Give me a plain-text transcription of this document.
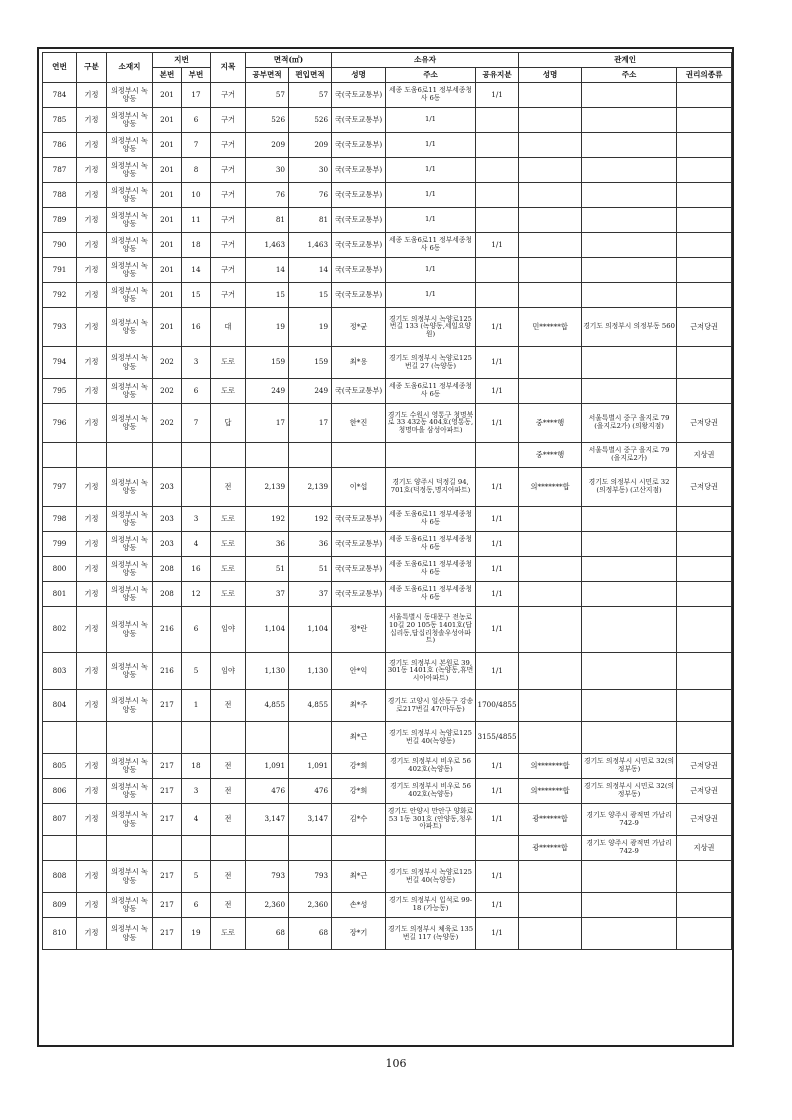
연번	구분	소재지	지번		지목	면적(㎡)		소유자			관계인		
			본번	부번		공부면적	편입면적	성명	주소	공유지분	성명	주소	권리의종류
784	기정	의정부시 녹양동	201	17	구거	57	57	국(국토교통부)	세종 도움6로11 정부세종청사 6동	1/1			
785	기정	의정부시 녹양동	201	6	구거	526	526	국(국토교통부)	1/1				
786	기정	의정부시 녹양동	201	7	구거	209	209	국(국토교통부)	1/1				
787	기정	의정부시 녹양동	201	8	구거	30	30	국(국토교통부)	1/1				
788	기정	의정부시 녹양동	201	10	구거	76	76	국(국토교통부)	1/1				
789	기정	의정부시 녹양동	201	11	구거	81	81	국(국토교통부)	1/1				
790	기정	의정부시 녹양동	201	18	구거	1,463	1,463	국(국토교통부)	세종 도움6로11 정부세종청사 6동	1/1			
791	기정	의정부시 녹양동	201	14	구거	14	14	국(국토교통부)	1/1				
792	기정	의정부시 녹양동	201	15	구거	15	15	국(국토교통부)	1/1				
793	기정	의정부시 녹양동	201	16	대	19	19	정*균	경기도 의정부시 녹양로125번길 133 (녹양동,세일요양원)	1/1	민******합	경기도 의정부시 의정부동 560	근저당권
794	기정	의정부시 녹양동	202	3	도로	159	159	최*용	경기도 의정부시 녹양로125번길 27 (녹양동)	1/1			
795	기정	의정부시 녹양동	202	6	도로	249	249	국(국토교통부)	세종 도움6로11 정부세종청사 6동	1/1			
796	기정	의정부시 녹양동	202	7	답	17	17	한*진	경기도 수원시 영통구 청명북로 33 432동 404호(영통동,청명마을 삼성아파트)	1/1	중****행	서울특별시 중구 을지로 79 (을지로2가) (의왕지점)	근저당권
											중****행	서울특별시 중구 을지로 79 (을지로2가)	지상권
797	기정	의정부시 녹양동	203		전	2,139	2,139	이*섭	경기도 양주시 덕정길 94, 701호(덕정동,명지아파트)	1/1	의*******합	경기도 의정부시 시민로 32 (의정부동) (고산지점)	근저당권
798	기정	의정부시 녹양동	203	3	도로	192	192	국(국토교통부)	세종 도움6로11 정부세종청사 6동	1/1			
799	기정	의정부시 녹양동	203	4	도로	36	36	국(국토교통부)	세종 도움6로11 정부세종청사 6동	1/1			
800	기정	의정부시 녹양동	208	16	도로	51	51	국(국토교통부)	세종 도움6로11 정부세종청사 6동	1/1			
801	기정	의정부시 녹양동	208	12	도로	37	37	국(국토교통부)	세종 도움6로11 정부세종청사 6동	1/1			
802	기정	의정부시 녹양동	216	6	임야	1,104	1,104	정*란	서울특별시 동대문구 전농로10길 20 105동 1401호(답십리동,답십리청솔우성아파트)	1/1			
803	기정	의정부시 녹양동	216	5	임야	1,130	1,130	안*익	경기도 의정부시 본원로 39, 301동 1401호 (녹양동,휴먼시아아파트)	1/1			
804	기정	의정부시 녹양동	217	1	전	4,855	4,855	최*주	경기도 고양시 일산동구 강송로217번길 47(마두동)	1700/4855			
								최*근	경기도 의정부시 녹양로125번길 40(녹양동)	3155/4855			
805	기정	의정부시 녹양동	217	18	전	1,091	1,091	강*희	경기도 의정부시 비우로 56 402호(녹양동)	1/1	의*******합	경기도 의정부시 시민로 32(의정부동)	근저당권
806	기정	의정부시 녹양동	217	3	전	476	476	강*희	경기도 의정부시 비우로 56 402호(녹양동)	1/1	의*******합	경기도 의정부시 시민로 32(의정부동)	근저당권
807	기정	의정부시 녹양동	217	4	전	3,147	3,147	김*수	경기도 안양시 만안구 양화로 53 1동 301호 (안양동,청우아파트)	1/1	광******합	경기도 양주시 광적면 가납리 742-9	근저당권
											광******합	경기도 양주시 광적면 가납리 742-9	지상권
808	기정	의정부시 녹양동	217	5	전	793	793	최*근	경기도 의정부시 녹양로125번길 40(녹양동)	1/1			
809	기정	의정부시 녹양동	217	6	전	2,360	2,360	손*성	경기도 의정부시 입석로 99-18 (가능동)	1/1			
810	기정	의정부시 녹양동	217	19	도로	68	68	장*기	경기도 의정부시 체육로 135번길 117 (녹양동)	1/1			
106
